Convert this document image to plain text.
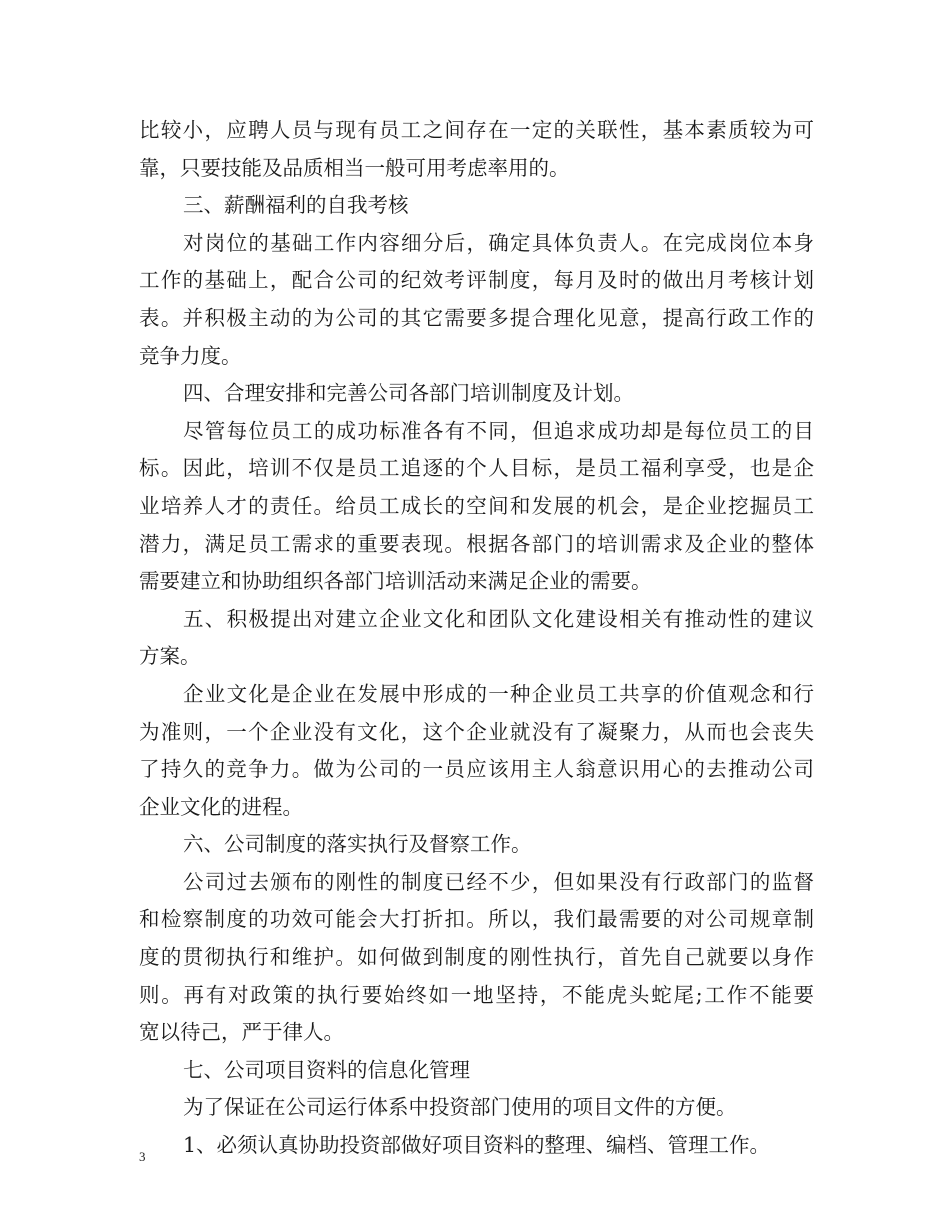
比较小，应聘人员与现有员工之间存在一定的关联性，基本素质较为可
靠，只要技能及品质相当一般可用考虑率用的。
三、薪酬福利的自我考核
对岗位的基础工作内容细分后，确定具体负责人。在完成岗位本身
工作的基础上，配合公司的纪效考评制度，每月及时的做出月考核计划
表。并积极主动的为公司的其它需要多提合理化见意，提高行政工作的
竞争力度。
四、合理安排和完善公司各部门培训制度及计划。
尽管每位员工的成功标准各有不同，但追求成功却是每位员工的目
标。因此，培训不仅是员工追逐的个人目标，是员工福利享受，也是企
业培养人才的责任。给员工成长的空间和发展的机会，是企业挖掘员工
潜力，满足员工需求的重要表现。根据各部门的培训需求及企业的整体
需要建立和协助组织各部门培训活动来满足企业的需要。
五、积极提出对建立企业文化和团队文化建设相关有推动性的建议
方案。
企业文化是企业在发展中形成的一种企业员工共享的价值观念和行
为准则，一个企业没有文化，这个企业就没有了凝聚力，从而也会丧失
了持久的竞争力。做为公司的一员应该用主人翁意识用心的去推动公司
企业文化的进程。
六、公司制度的落实执行及督察工作。
公司过去颁布的刚性的制度已经不少，但如果没有行政部门的监督
和检察制度的功效可能会大打折扣。所以，我们最需要的对公司规章制
度的贯彻执行和维护。如何做到制度的刚性执行，首先自己就要以身作
则。再有对政策的执行要始终如一地坚持，不能虎头蛇尾;工作不能要
宽以待己，严于律人。
七、公司项目资料的信息化管理
为了保证在公司运行体系中投资部门使用的项目文件的方便。
1、必须认真协助投资部做好项目资料的整理、编档、管理工作。
3
